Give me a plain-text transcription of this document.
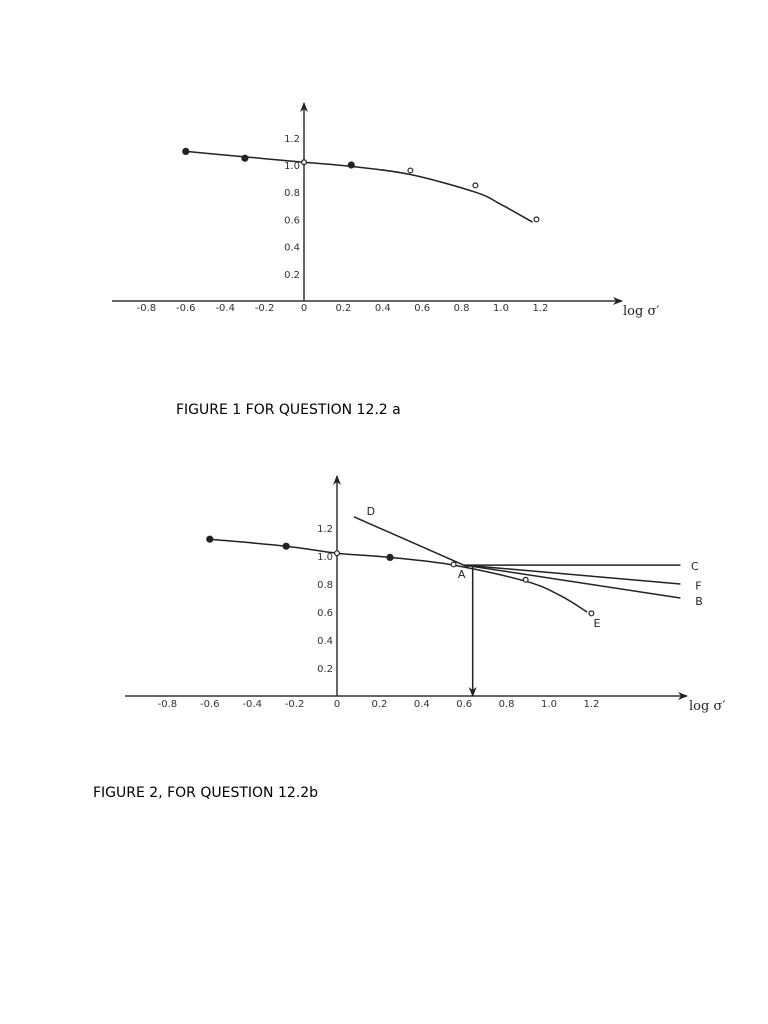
-0.8 -0.6 -0.4 -0.2	0	0.2 0.4 0.6 0.8 1.0 1.2
0.2
0.4
0.6
0.8
1.0
1.2
log σ′
-0.8 -0.6 -0.4 -0.2	0	0.2	0.4	0.6	0.8	1.0	1.2
0.2
0.4
0.6
0.8
1.0
1.2
log σ′
D
A
C
F
B
E

FIGURE 1 FOR QUESTION 12.2 a

FIGURE 2, FOR QUESTION 12.2b
